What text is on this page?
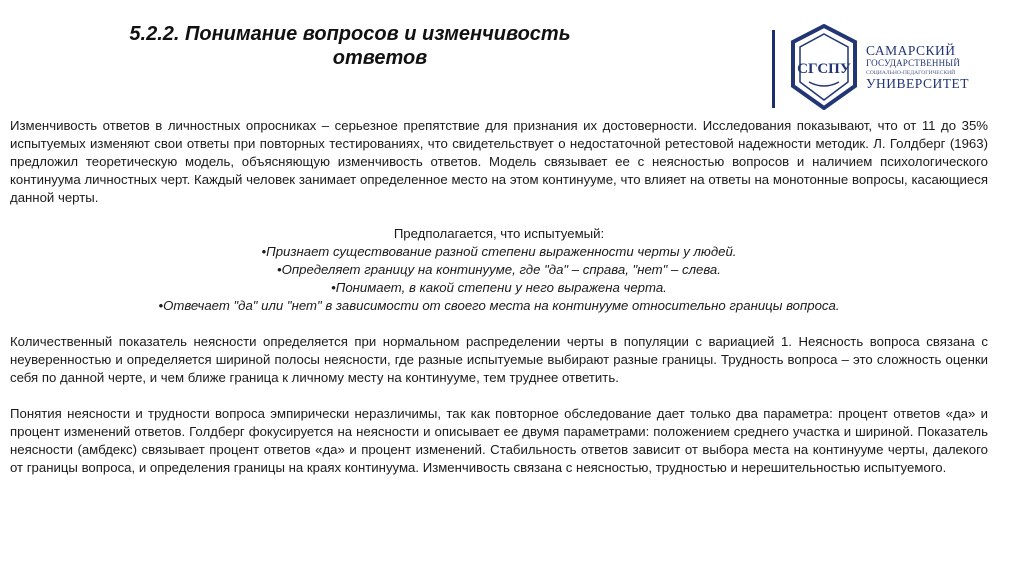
5.2.2. Понимание вопросов и изменчивость
ответов	СГСПУ
САМАРСКИЙ
ГОСУДАРСТВЕННЫЙ
СОЦИАЛЬНО-ПЕДАГОГИЧЕСКИЙ
УНИВЕРСИТЕТ

Изменчивость ответов в личностных опросниках – серьезное препятствие для признания их достоверности. Исследования показывают, что от 11 до 35% испытуемых изменяют свои ответы при повторных тестированиях, что свидетельствует о недостаточной ретестовой надежности методик. Л. Голдберг (1963) предложил теоретическую модель, объясняющую изменчивость ответов. Модель связывает ее с неясностью вопросов и наличием психологического континуума личностных черт. Каждый человек занимает определенное место на этом континууме, что влияет на ответы на монотонные вопросы, касающиеся данной черты.

Предполагается, что испытуемый:

•Признает существование разной степени выраженности черты у людей.

•Определяет границу на континууме, где "да" – справа, "нет" – слева.

•Понимает, в какой степени у него выражена черта.

•Отвечает "да" или "нет" в зависимости от своего места на континууме относительно границы вопроса.

Количественный показатель неясности определяется при нормальном распределении черты в популяции с вариацией 1. Неясность вопроса связана с неуверенностью и определяется шириной полосы неясности, где разные испытуемые выбирают разные границы. Трудность вопроса – это сложность оценки себя по данной черте, и чем ближе граница к личному месту на континууме, тем труднее ответить.

Понятия неясности и трудности вопроса эмпирически неразличимы, так как повторное обследование дает только два параметра: процент ответов «да» и процент изменений ответов. Голдберг фокусируется на неясности и описывает ее двумя параметрами: положением среднего участка и шириной. Показатель неясности (амбдекс) связывает процент ответов «да» и процент изменений. Стабильность ответов зависит от выбора места на континууме черты, далекого от границы вопроса, и определения границы на краях континуума. Изменчивость связана с неясностью, трудностью и нерешительностью испытуемого.
